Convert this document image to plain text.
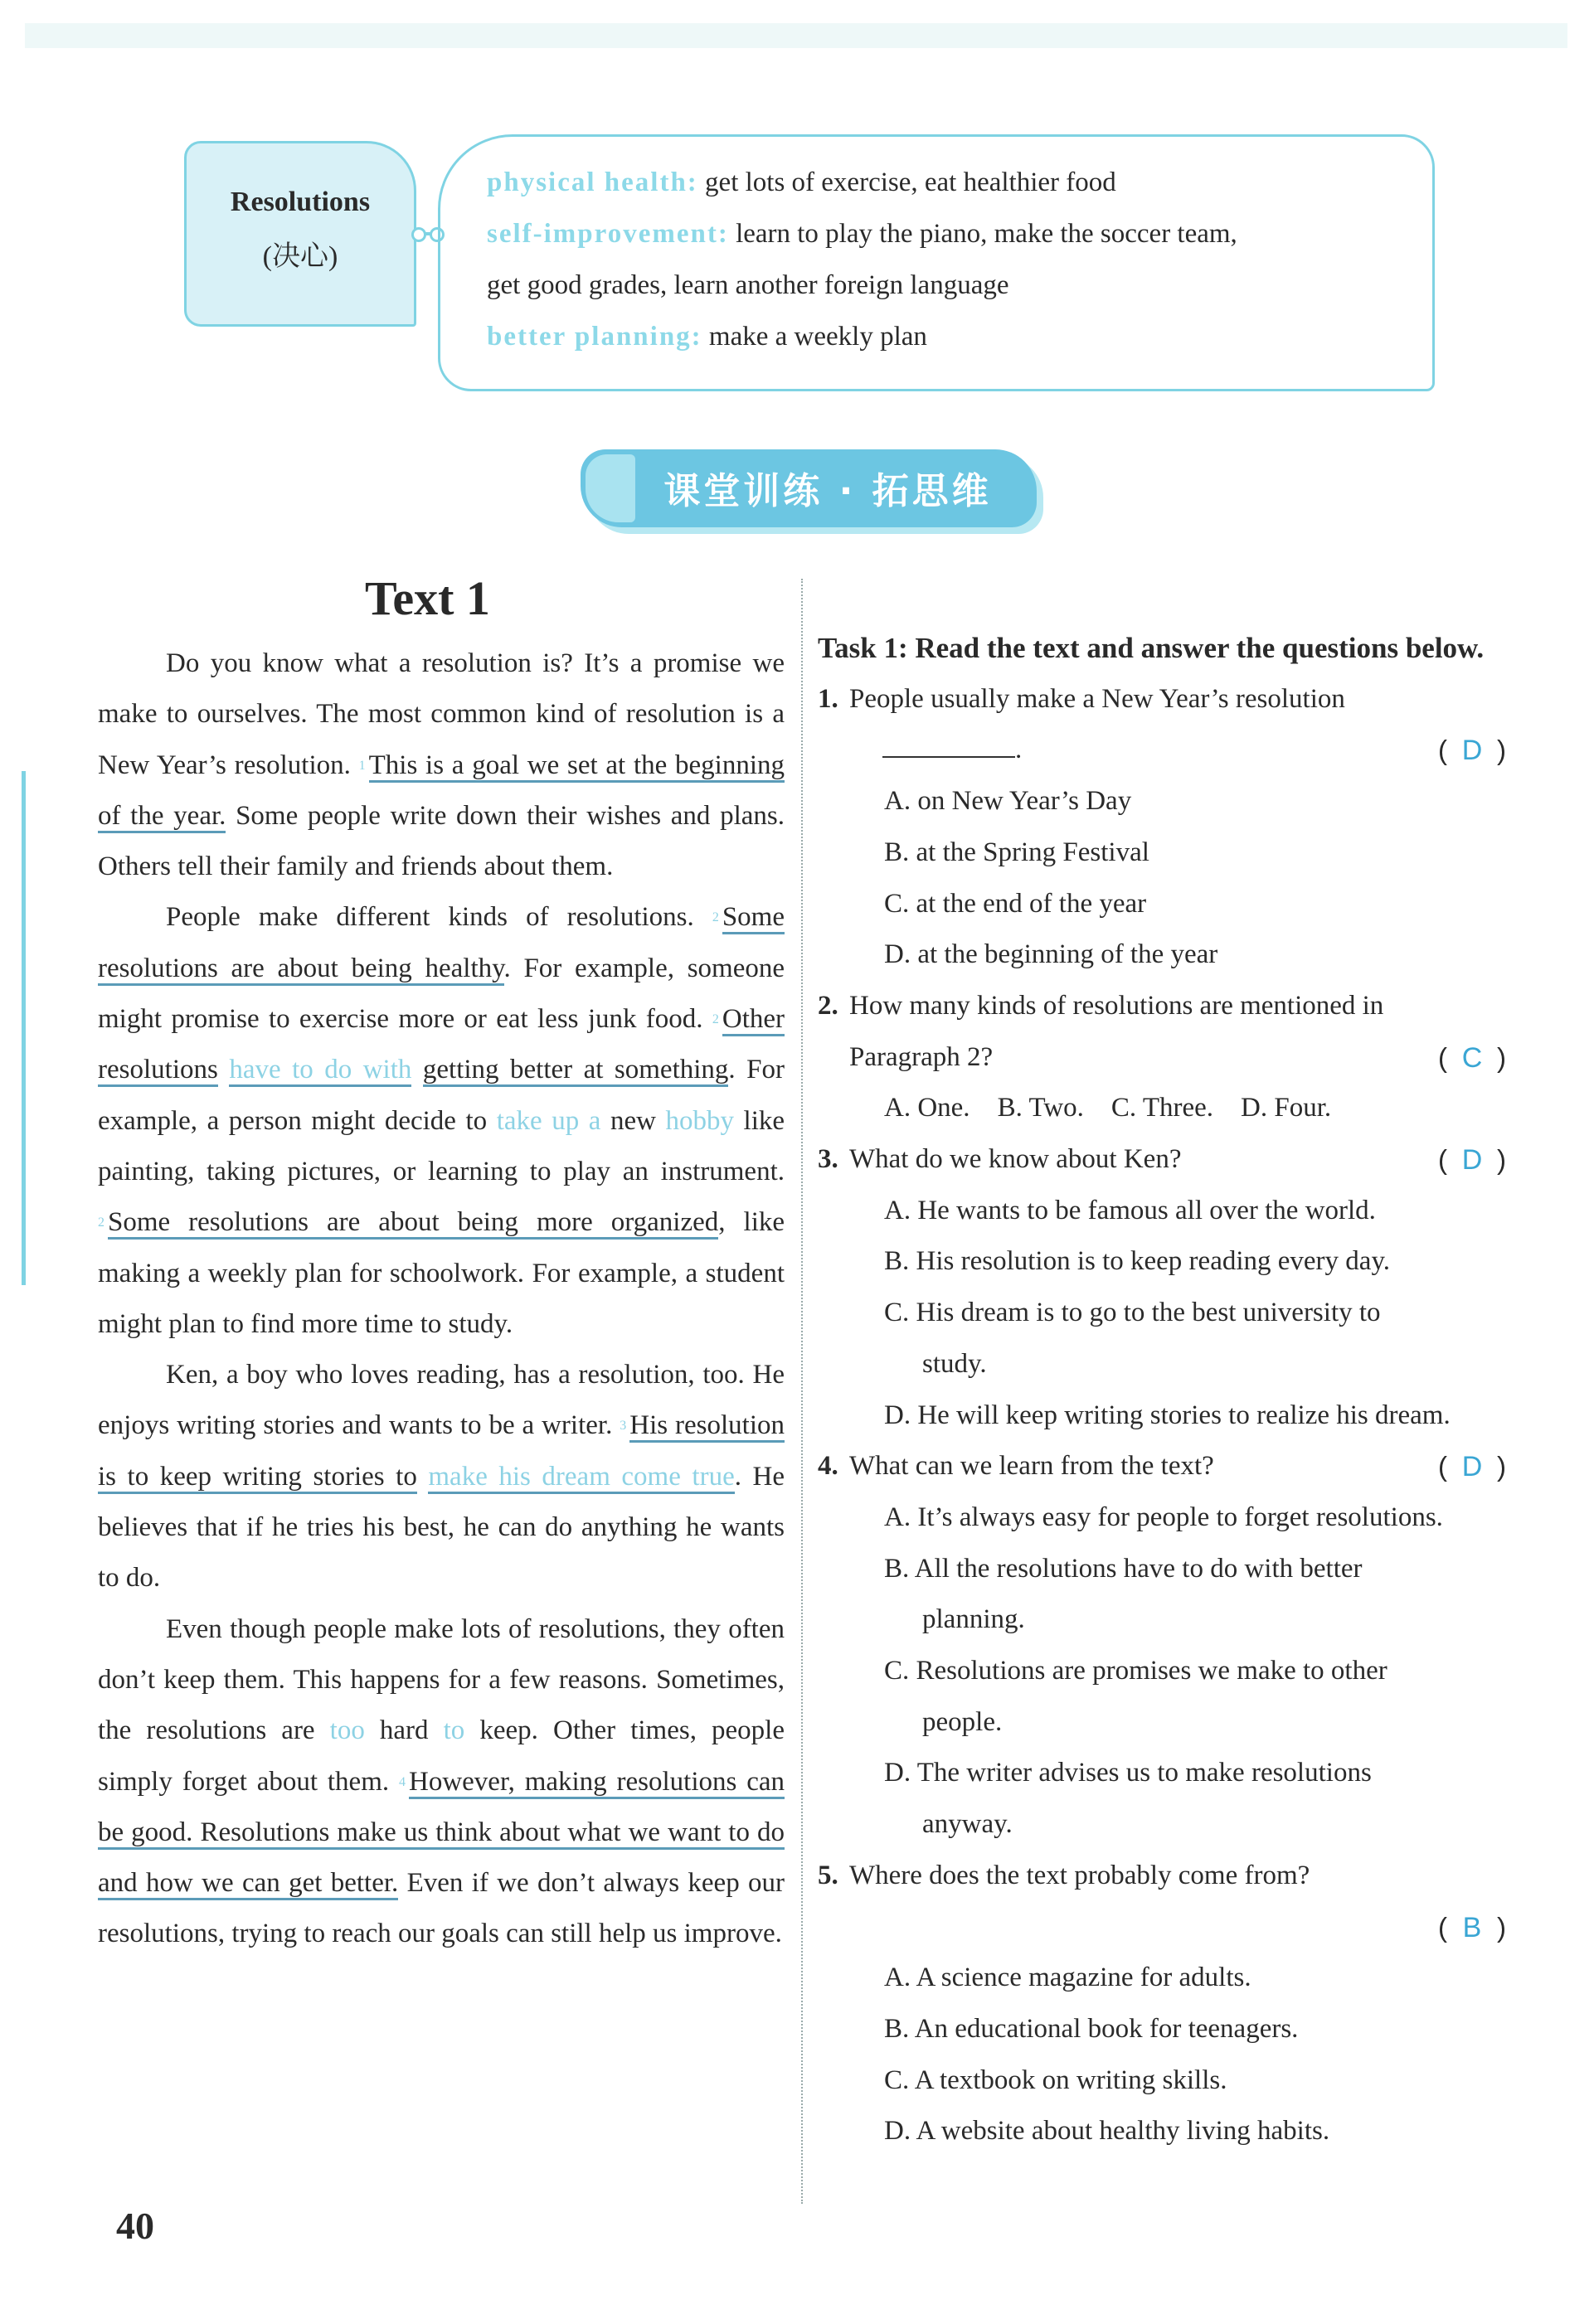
Resolutions
(决心)
physical health: get lots of exercise, eat healthier food
self-improvement: learn to play the piano, make the soccer team,
get good grades, learn another foreign language
better planning: make a weekly plan
课堂训练 · 拓思维
Text 1

Do you know what a resolution is? It’s a promise we make to ourselves. The most common kind of resolution is a New Year’s resolution. $^1$ This is a goal we set at the beginning of the year. Some people write down their wishes and plans. Others tell their family and friends about them.

People make different kinds of resolutions. $^2$ Some resolutions are about being healthy. For example, someone might promise to exercise more or eat less junk food. $^2$ Other resolutions have to do with getting better at something. For example, a person might decide to take up a new hobby like painting, taking pictures, or learning to play an instrument. $^2$ Some resolutions are about being more organized, like making a weekly plan for schoolwork. For example, a student might plan to find more time to study.

Ken, a boy who loves reading, has a resolution, too. He enjoys writing stories and wants to be a writer. $^3$ His resolution is to keep writing stories to make his dream come true. He believes that if he tries his best, he can do anything he wants to do.

Even though people make lots of resolutions, they often don’t keep them. This happens for a few reasons. Sometimes, the resolutions are too hard to keep. Other times, people simply forget about them. $^4$ However, making resolutions can be good. Resolutions make us think about what we want to do and how we can get better. Even if we don’t always keep our resolutions, trying to reach our goals can still help us improve.

Task 1: Read the text and answer the questions below.

1. People usually make a New Year’s resolution
.	( D )
A. on New Year’s Day
B. at the Spring Festival
C. at the end of the year
D. at the beginning of the year
2. How many kinds of resolutions are mentioned in
Paragraph 2?	( C )
A. One. B. Two. C. Three. D. Four.
3. What do we know about Ken?	( D )
A. He wants to be famous all over the world.
B. His resolution is to keep reading every day.
C. His dream is to go to the best university to
study.
D. He will keep writing stories to realize his dream.
4. What can we learn from the text?	( D )
A. It’s always easy for people to forget resolutions.
B. All the resolutions have to do with better
planning.
C. Resolutions are promises we make to other
people.
D. The writer advises us to make resolutions
anyway.
5. Where does the text probably come from?

( B )
A. A science magazine for adults.
B. An educational book for teenagers.
C. A textbook on writing skills.
D. A website about healthy living habits.
40
